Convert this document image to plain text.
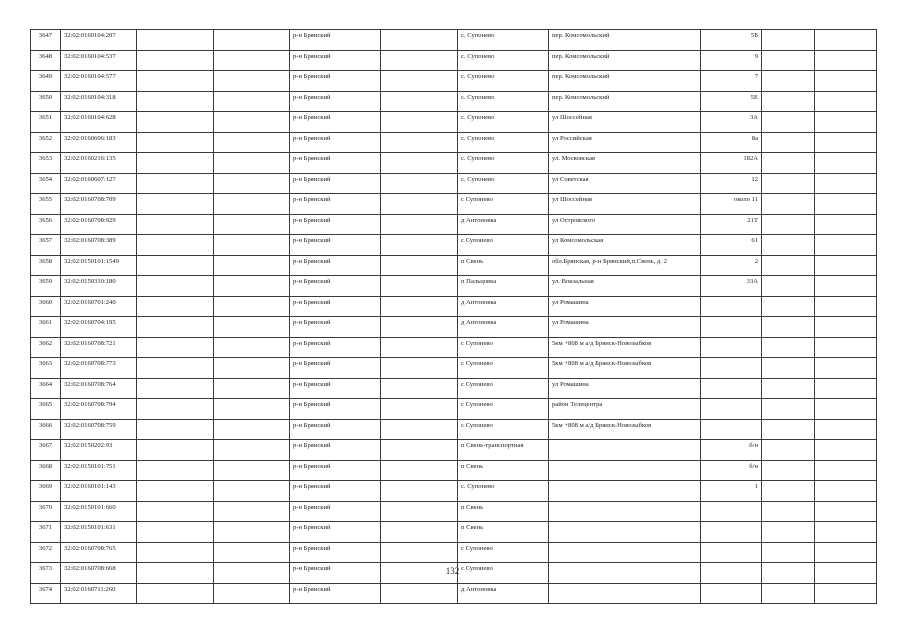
3647	32:02:0160104:207			р-н Брянский		с. Супонево	пер. Комсомольский	5Б		
3648	32:02:0160104:537			р-н Брянский		с. Супонево	пер. Комсомольский	9		
3649	32:02:0160104:577			р-н Брянский		с. Супонево	пер. Комсомольский	7		
3650	32:02:0160104:318			р-н Брянский		с. Супонево	пер. Комсомольский	5Е		
3651	32:02:0160104:628			р-н Брянский		с. Супонево	ул Шоссейная	3А		
3652	32:02:0160606:183			р-н Брянский		с. Супонево	ул Российская	8а		
3653	32:02:0160216:135			р-н Брянский		с. Супонево	ул. Московская	182А		
3654	32:02:0160607:127			р-н Брянский		с. Супонево	ул Советская	12		
3655	32:02:0160708:709			р-н Брянский		с Супонево	ул Шоссейная	около 11		
3656	32:02:0160708:929			р-н Брянский		д Антоновка	ул Островского	21Т		
3657	32:02:0160708:389			р-н Брянский		с Супонево	ул Комсомольская	61		
3658	32:02:0150101:1549			р-н Брянский		п Свень	обл.Брянская, р-н Брянский,п.Свень, д. 2	2		
3659	32:02:0150310:180			р-н Брянский		п Пальцовка	ул. Вокзальная	33А		
3660	32:02:0160701:240			р-н Брянский		д Антоновка	ул Ромашина			
3661	32:02:0160704:195			р-н Брянский		д Антоновка	ул Ромашина			
3662	32:02:0160708:721			р-н Брянский		с Супонево	5км +808 м а/д Брянск-Новозыбков			
3663	32:02:0160708:773			р-н Брянский		с Супонево	5км +808 м а/д Брянск-Новозыбков			
3664	32:02:0160708:764			р-н Брянский		с Супонево	ул Ромашина			
3665	32:02:0160708:794			р-н Брянский		с Супонево	район Телецентра			
3666	32:02:0160708:759			р-н Брянский		с Супонево	5км +808 м а/д Брянск-Новозыбков			
3667	32:02:0150202:93			р-н Брянский		п Свень-транспортная		б/н		
3668	32:02:0150101:751			р-н Брянский		п Свень		б/н		
3669	32:02:0160101:143			р-н Брянский		с. Супонево		1		
3670	32:02:0150101:660			р-н Брянский		п Свень				
3671	32:02:0150101:631			р-н Брянский		п Свень				
3672	32:02:0160708:765			р-н Брянский		с Супонево				
3673	32:02:0160708:668			р-н Брянский		с Супонево				
3674	32:02:0160711:260			р-н Брянский		д Антоновка				
132
